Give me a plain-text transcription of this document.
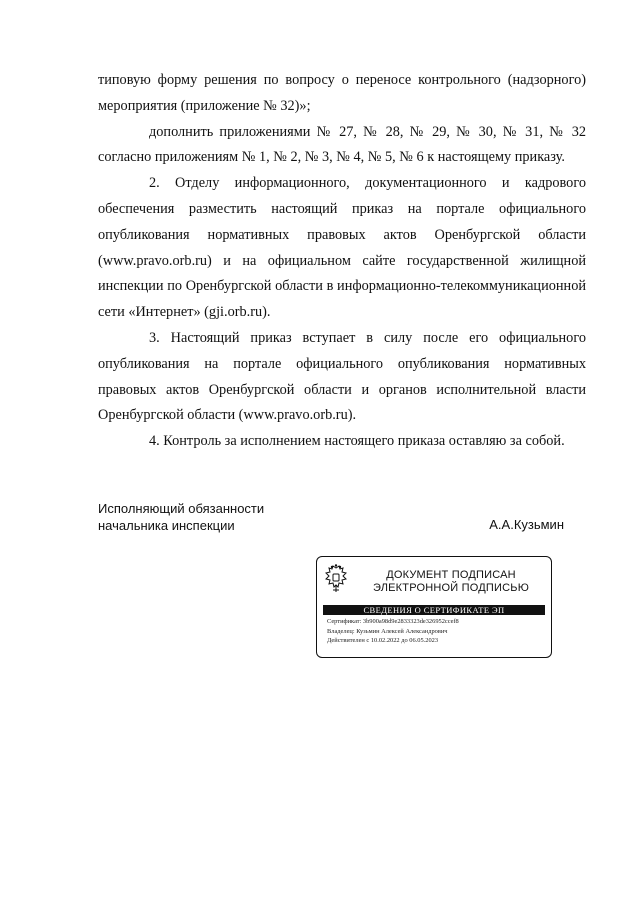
типовую форму решения по вопросу о переносе контрольного (надзорного) мероприятия (приложение № 32)»;

дополнить приложениями № 27, № 28, № 29, № 30, № 31, № 32 согласно приложениям № 1, № 2, № 3, № 4, № 5, № 6 к настоящему приказу.

2. Отделу информационного, документационного и кадрового обеспечения разместить настоящий приказ на портале официального опубликования нормативных правовых актов Оренбургской области (www.pravo.orb.ru) и на официальном сайте государственной жилищной инспекции по Оренбургской области в информационно-телекоммуникационной сети «Интернет» (gji.orb.ru).

3. Настоящий приказ вступает в силу после его официального опубликования на портале официального опубликования нормативных правовых актов Оренбургской области и органов исполнительной власти Оренбургской области (www.pravo.orb.ru).

4. Контроль за исполнением настоящего приказа оставляю за собой.

Исполняющий обязанности
начальника инспекции	А.А.Кузьмин
ДОКУМЕНТ ПОДПИСАН
ЭЛЕКТРОННОЙ ПОДПИСЬЮ
СВЕДЕНИЯ О СЕРТИФИКАТЕ ЭП
Сертификат: 3b900a98d9e2833323de326952ccef8
Владелец: Кузьмин Алексей Александрович
Действителен с 10.02.2022 до 06.05.2023
